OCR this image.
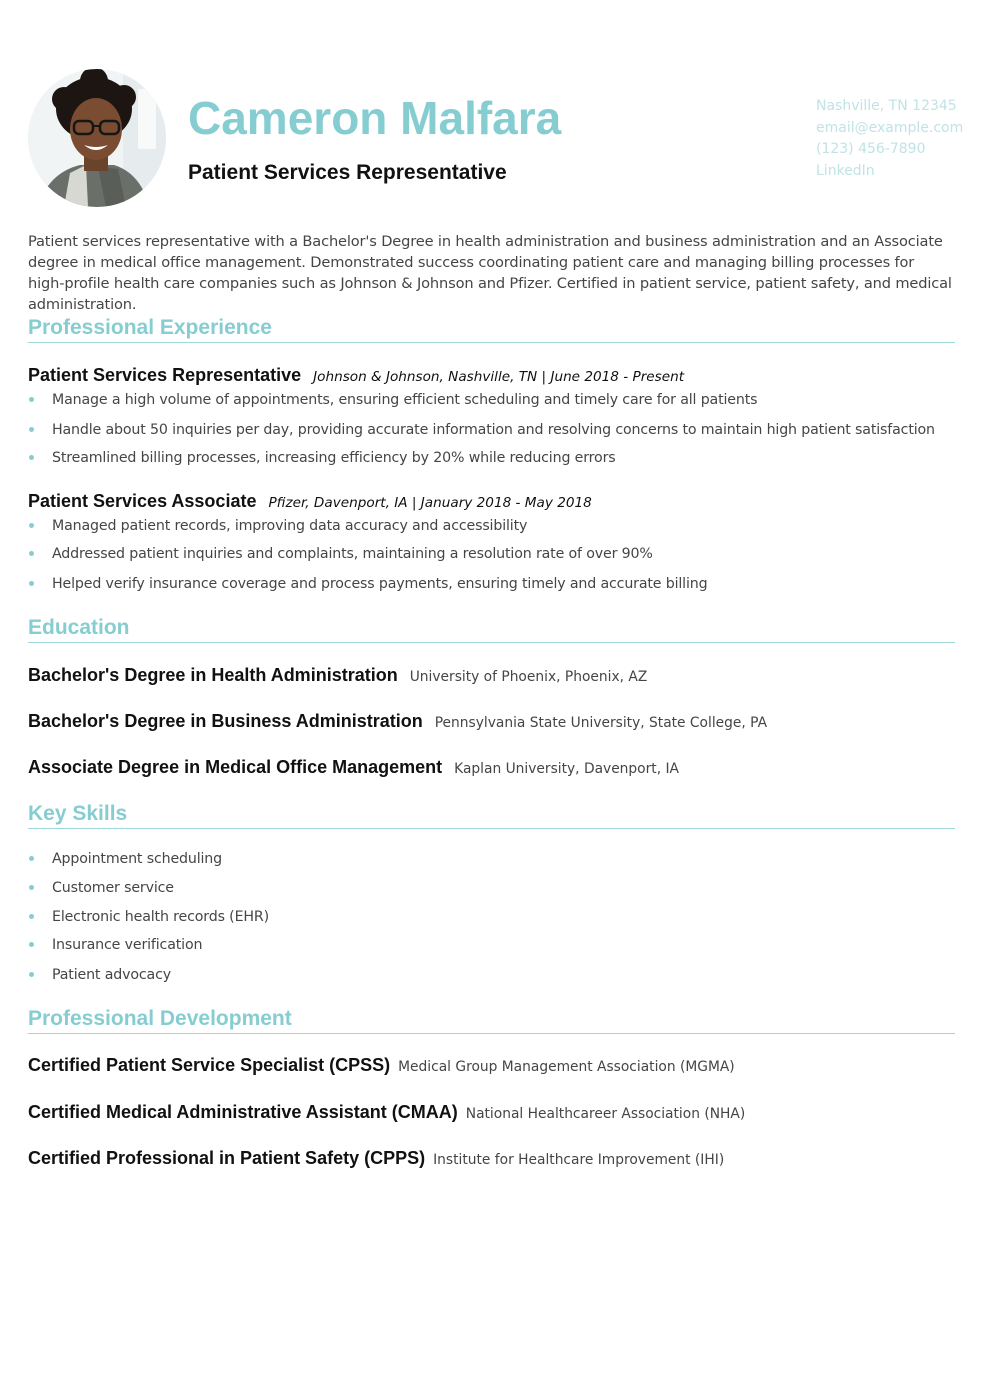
Cameron Malfara
Patient Services Representative
Nashville, TN 12345
email@example.com
(123) 456-7890
LinkedIn
Patient services representative with a Bachelor's Degree in health administration and business administration and an Associate degree in medical office management. Demonstrated success coordinating patient care and managing billing processes for high-profile health care companies such as Johnson & Johnson and Pfizer. Certified in patient service, patient safety, and medical administration.
Professional Experience
Patient Services Representative Johnson & Johnson, Nashville, TN | June 2018 - Present
Manage a high volume of appointments, ensuring efficient scheduling and timely care for all patients
Handle about 50 inquiries per day, providing accurate information and resolving concerns to maintain high patient satisfaction
Streamlined billing processes, increasing efficiency by 20% while reducing errors
Patient Services Associate Pfizer, Davenport, IA | January 2018 - May 2018
Managed patient records, improving data accuracy and accessibility
Addressed patient inquiries and complaints, maintaining a resolution rate of over 90%
Helped verify insurance coverage and process payments, ensuring timely and accurate billing
Education
Bachelor's Degree in Health Administration University of Phoenix, Phoenix, AZ
Bachelor's Degree in Business Administration Pennsylvania State University, State College, PA
Associate Degree in Medical Office Management Kaplan University, Davenport, IA
Key Skills
Appointment scheduling
Customer service
Electronic health records (EHR)
Insurance verification
Patient advocacy
Professional Development
Certified Patient Service Specialist (CPSS) Medical Group Management Association (MGMA)
Certified Medical Administrative Assistant (CMAA) National Healthcareer Association (NHA)
Certified Professional in Patient Safety (CPPS) Institute for Healthcare Improvement (IHI)
